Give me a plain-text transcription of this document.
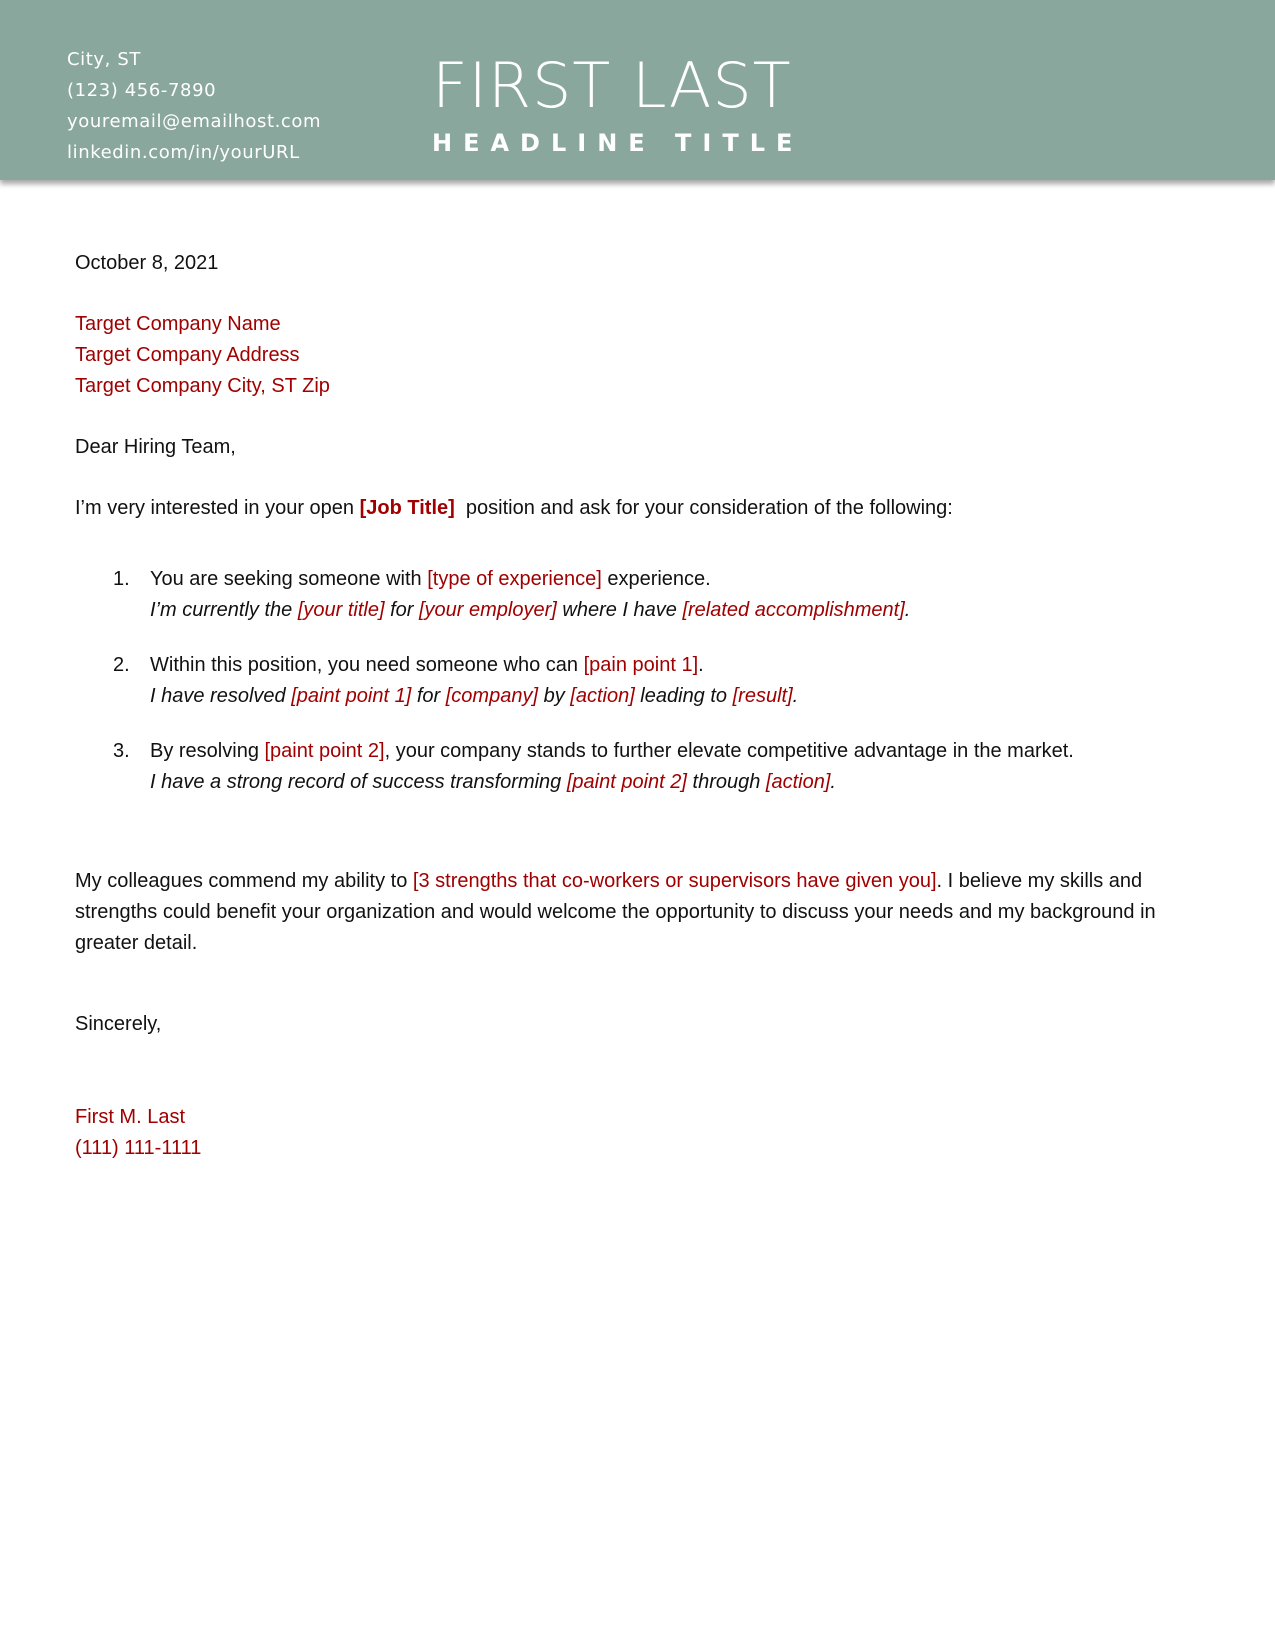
City, ST
(123) 456-7890
youremail@emailhost.com
linkedin.com/in/yourURL
FIRST LAST
HEADLINE TITLE

October 8, 2021

Target Company Name

Target Company Address

Target Company City, ST Zip

Dear Hiring Team,

I’m very interested in your open [Job Title]  position and ask for your consideration of the following:

1. You are seeking someone with [type of experience] experience.
I’m currently the [your title] for [your employer] where I have [related accomplishment].
2. Within this position, you need someone who can [pain point 1].
I have resolved [paint point 1] for [company] by [action] leading to [result].
3. By resolving [paint point 2], your company stands to further elevate competitive advantage in the market.
I have a strong record of success transforming [paint point 2] through [action].

My colleagues commend my ability to [3 strengths that co-workers or supervisors have given you]. I believe my skills and strengths could benefit your organization and would welcome the opportunity to discuss your needs and my background in greater detail.

Sincerely,

First M. Last

(111) 111-1111
